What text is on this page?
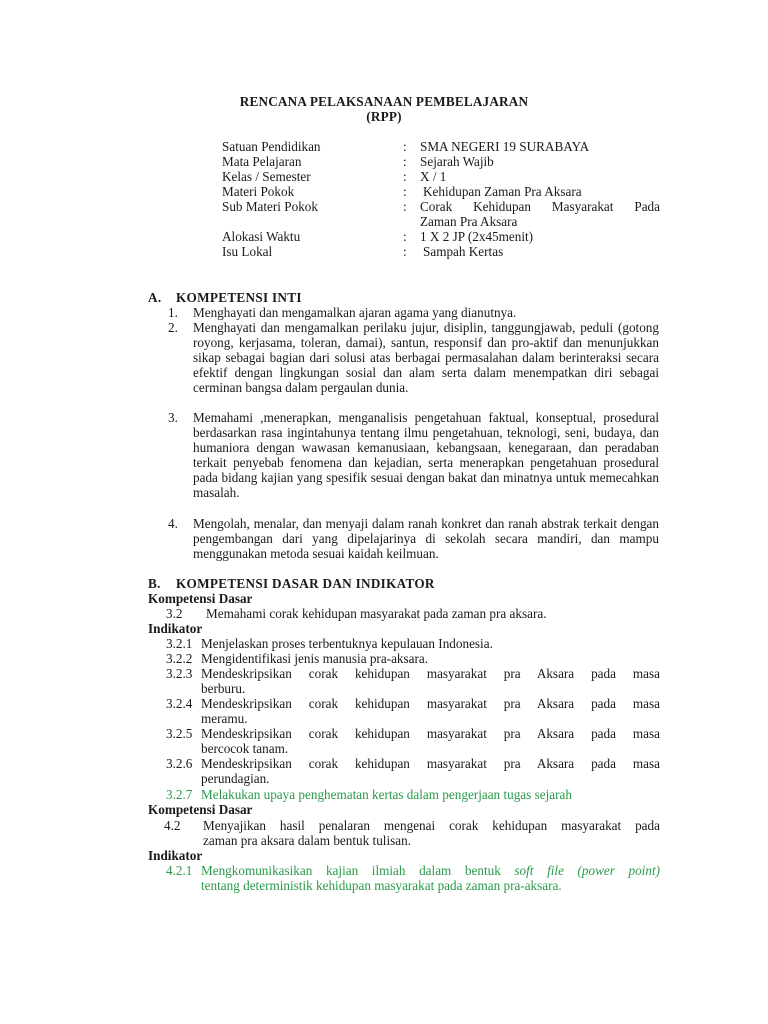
RENCANA PELAKSANAAN PEMBELAJARAN
(RPP)
Satuan Pendidikan	: SMA NEGERI 19 SURABAYA
Mata Pelajaran	: Sejarah Wajib
Kelas / Semester	: X / 1
Materi Pokok	: Kehidupan Zaman Pra Aksara
Sub Materi Pokok	: Corak Kehidupan Masyarakat Pada
Zaman Pra Aksara
Alokasi Waktu	: 1 X 2 JP (2x45menit)
Isu Lokal	: Sampah Kertas
A. KOMPETENSI INTI
1. Menghayati dan mengamalkan ajaran agama yang dianutnya.
2. Menghayati dan mengamalkan perilaku jujur, disiplin, tanggungjawab, peduli (gotong royong, kerjasama, toleran, damai), santun, responsif dan pro-aktif dan menunjukkan sikap sebagai bagian dari solusi atas berbagai permasalahan dalam berinteraksi secara efektif dengan lingkungan sosial dan alam serta dalam menempatkan diri sebagai cerminan bangsa dalam pergaulan dunia.
3. Memahami ,menerapkan, menganalisis pengetahuan faktual, konseptual, prosedural berdasarkan rasa ingintahunya tentang ilmu pengetahuan, teknologi, seni, budaya, dan humaniora dengan wawasan kemanusiaan, kebangsaan, kenegaraan, dan peradaban terkait penyebab fenomena dan kejadian, serta menerapkan pengetahuan prosedural pada bidang kajian yang spesifik sesuai dengan bakat dan minatnya untuk memecahkan masalah.
4. Mengolah, menalar, dan menyaji dalam ranah konkret dan ranah abstrak terkait dengan pengembangan dari yang dipelajarinya di sekolah secara mandiri, dan mampu menggunakan metoda sesuai kaidah keilmuan.
B. KOMPETENSI DASAR DAN INDIKATOR
Kompetensi Dasar
3.2 Memahami corak kehidupan masyarakat pada zaman pra aksara.
Indikator
3.2.1 Menjelaskan proses terbentuknya kepulauan Indonesia.
3.2.2 Mengidentifikasi jenis manusia pra-aksara.
3.2.3 Mendeskripsikan corak kehidupan masyarakat pra Aksara pada masa
berburu.
3.2.4 Mendeskripsikan corak kehidupan masyarakat pra Aksara pada masa
meramu.
3.2.5 Mendeskripsikan corak kehidupan masyarakat pra Aksara pada masa
bercocok tanam.
3.2.6 Mendeskripsikan corak kehidupan masyarakat pra Aksara pada masa
perundagian.
3.2.7 Melakukan upaya penghematan kertas dalam pengerjaan tugas sejarah
Kompetensi Dasar
4.2 Menyajikan hasil penalaran mengenai corak kehidupan masyarakat pada
zaman pra aksara dalam bentuk tulisan.
Indikator
4.2.1 Mengkomunikasikan kajian ilmiah dalam bentuk soft file (power point)
tentang deterministik kehidupan masyarakat pada zaman pra-aksara.
